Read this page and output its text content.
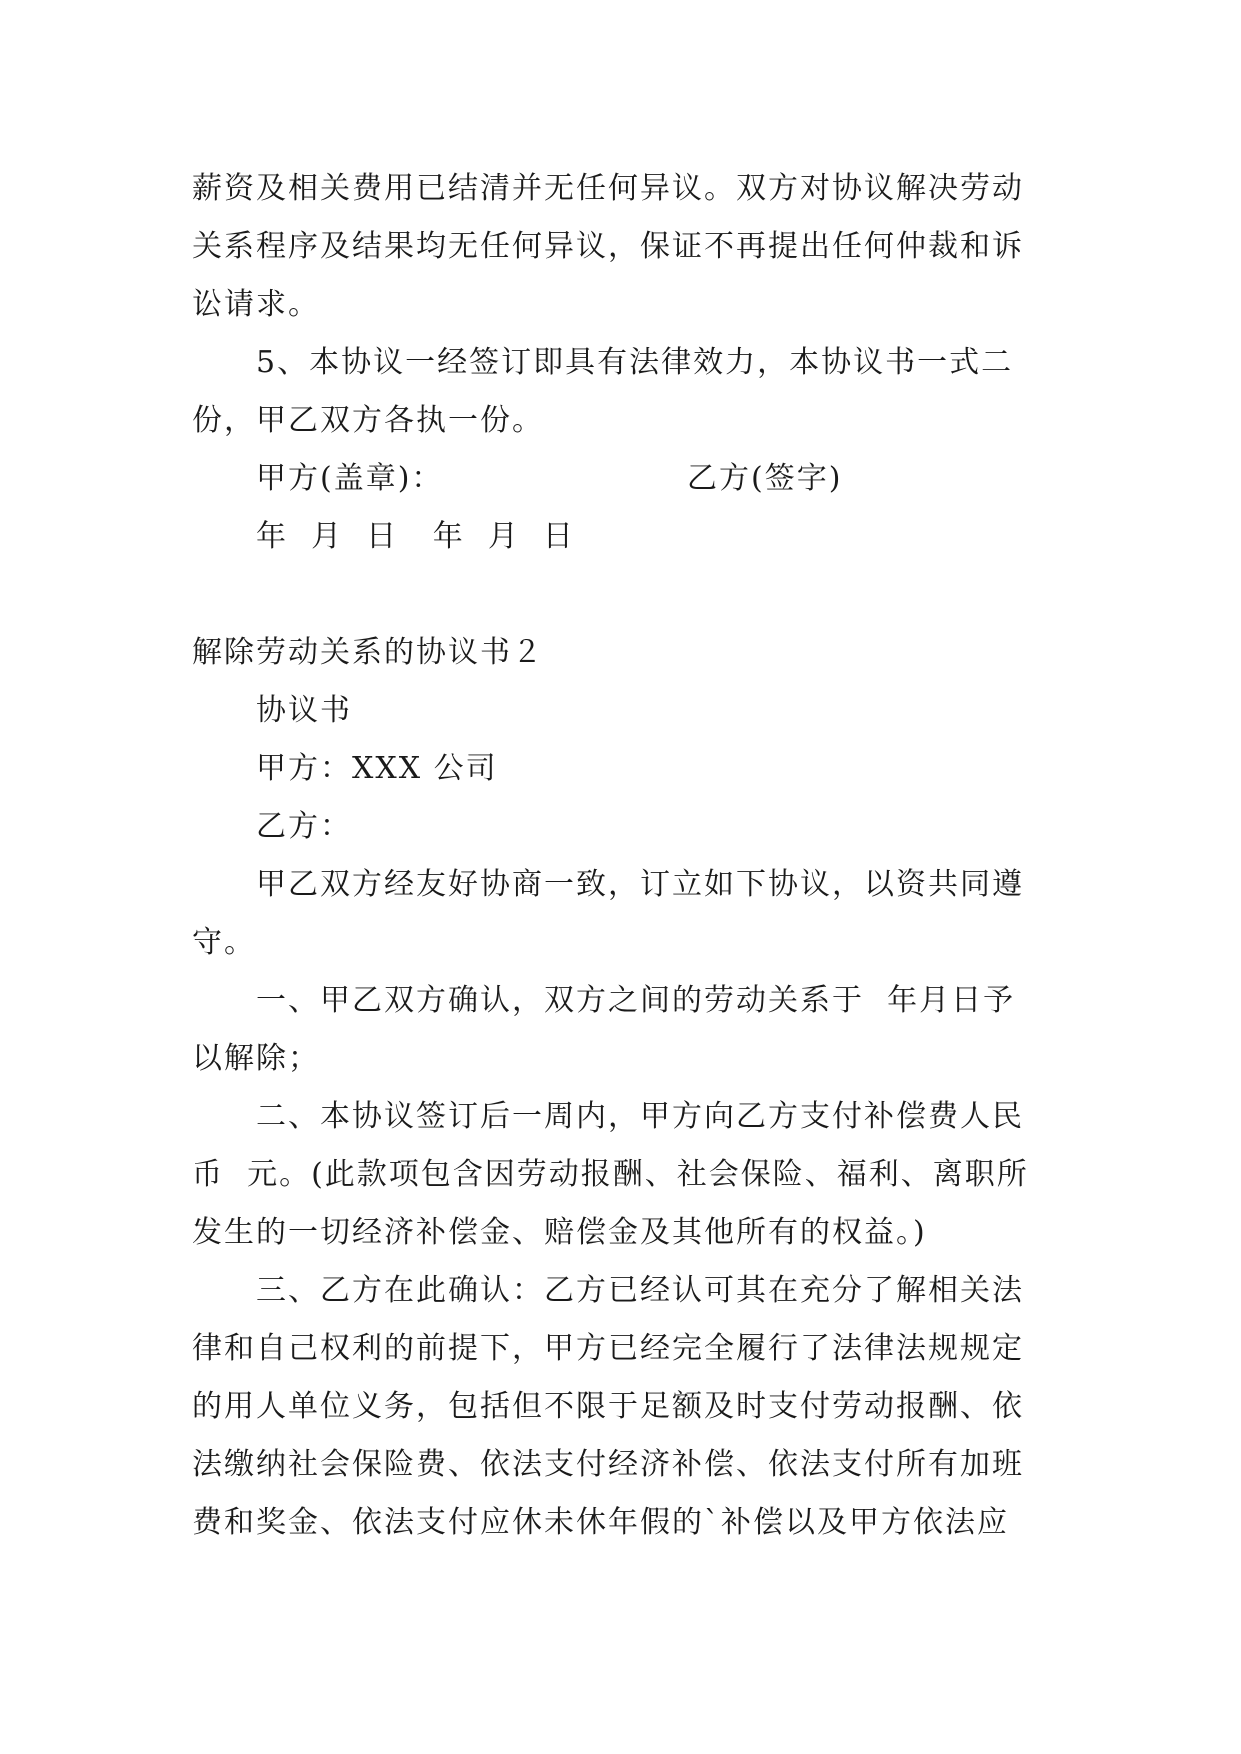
薪资及相关费用已结清并无任何异议。双方对协议解决劳动
关系程序及结果均无任何异议，保证不再提出任何仲裁和诉
讼请求。
5、本协议一经签订即具有法律效力，本协议书一式二
份，甲乙双方各执一份。
甲方(盖章)：	乙方(签字)
年  月  日   年  月  日
解除劳动关系的协议书２
协议书
甲方：XXX 公司
乙方：
甲乙双方经友好协商一致，订立如下协议，以资共同遵
守。
一、甲乙双方确认，双方之间的劳动关系于  年月日予
以解除；
二、本协议签订后一周内，甲方向乙方支付补偿费人民
币  元。(此款项包含因劳动报酬、社会保险、福利、离职所
发生的一切经济补偿金、赔偿金及其他所有的权益。)
三、乙方在此确认：乙方已经认可其在充分了解相关法
律和自己权利的前提下，甲方已经完全履行了法律法规规定
的用人单位义务，包括但不限于足额及时支付劳动报酬、依
法缴纳社会保险费、依法支付经济补偿、依法支付所有加班
费和奖金、依法支付应休未休年假的`补偿以及甲方依法应
